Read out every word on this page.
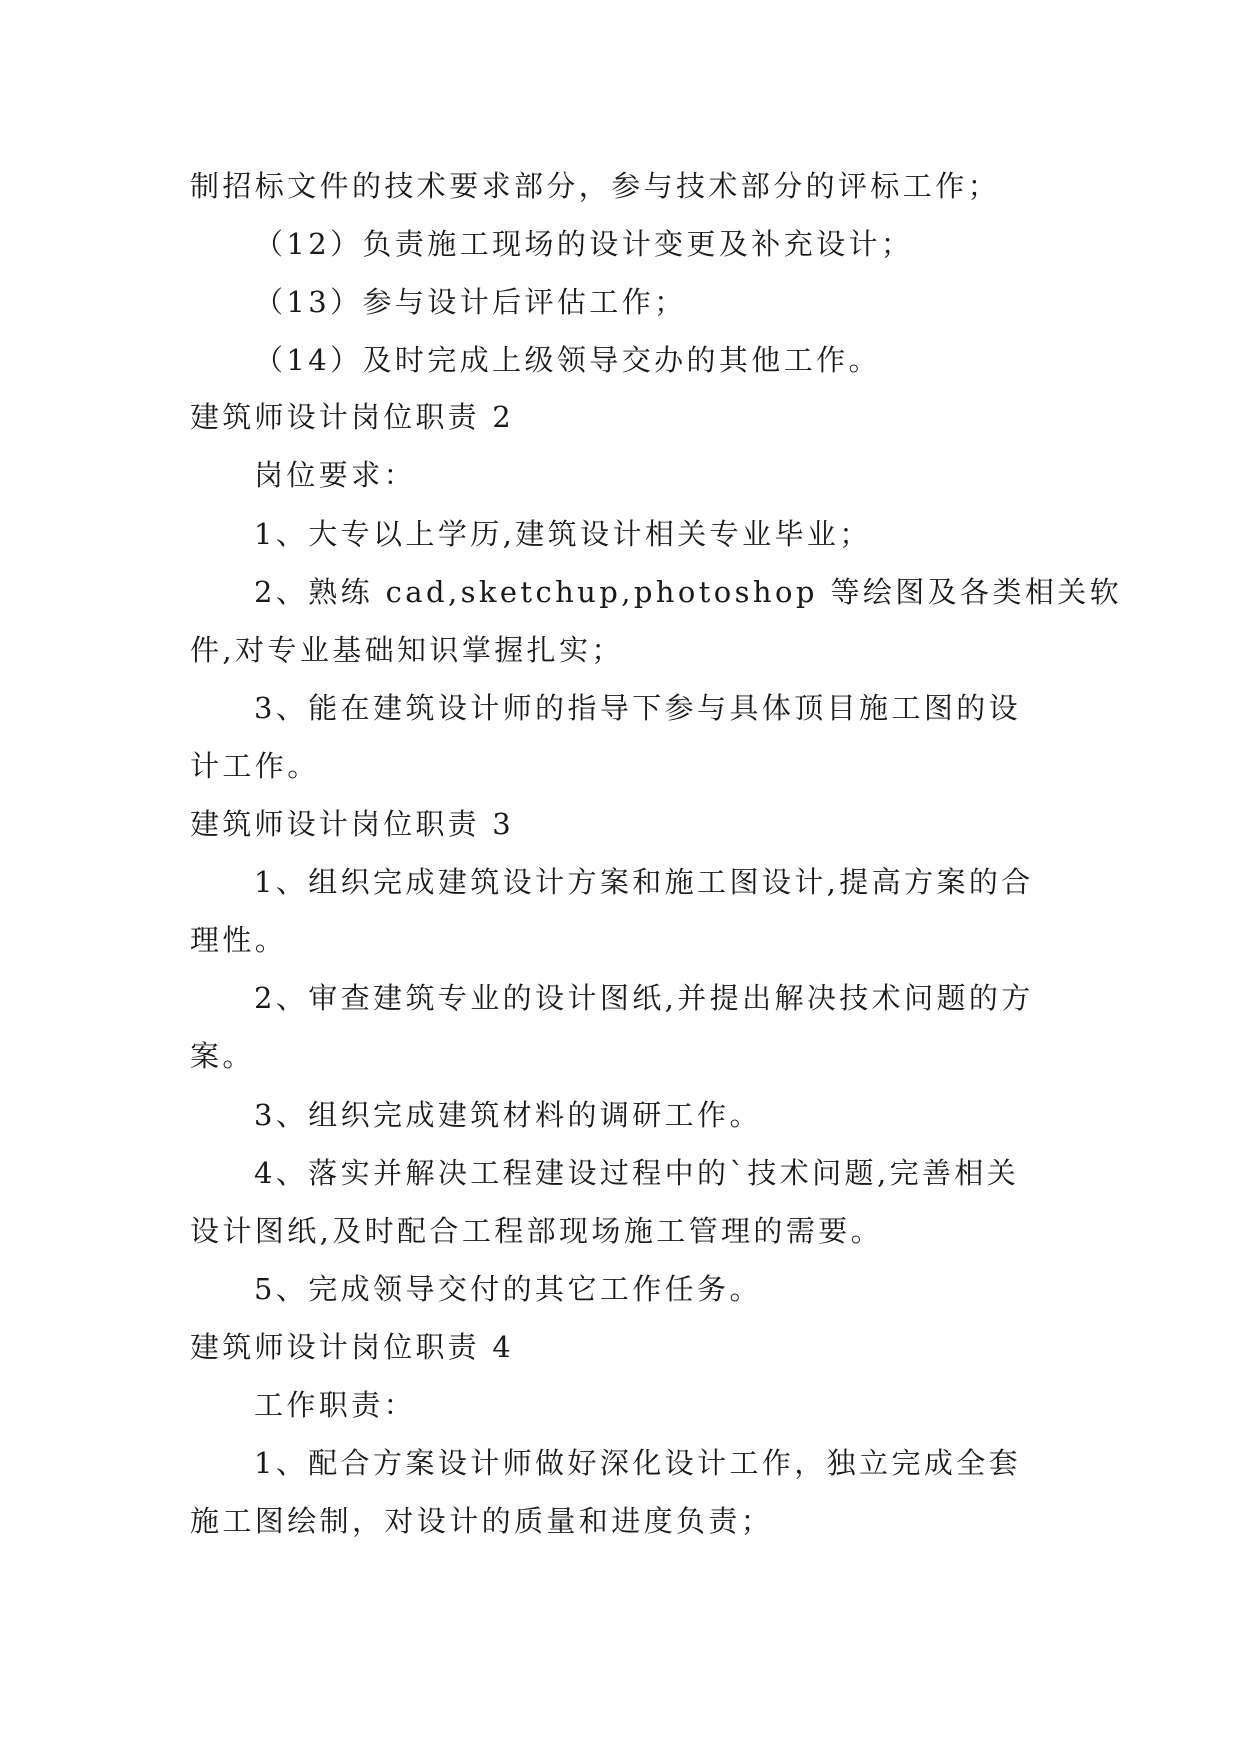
制招标文件的技术要求部分，参与技术部分的评标工作；
（12）负责施工现场的设计变更及补充设计；
（13）参与设计后评估工作；
（14）及时完成上级领导交办的其他工作。
建筑师设计岗位职责 2
岗位要求：
1、大专以上学历,建筑设计相关专业毕业；
2、熟练 cad,sketchup,photoshop 等绘图及各类相关软
件,对专业基础知识掌握扎实；
3、能在建筑设计师的指导下参与具体顶目施工图的设
计工作。
建筑师设计岗位职责 3
1、组织完成建筑设计方案和施工图设计,提高方案的合
理性。
2、审查建筑专业的设计图纸,并提出解决技术问题的方
案。
3、组织完成建筑材料的调研工作。
4、落实并解决工程建设过程中的`技术问题,完善相关
设计图纸,及时配合工程部现场施工管理的需要。
5、完成领导交付的其它工作任务。
建筑师设计岗位职责 4
工作职责：
1、配合方案设计师做好深化设计工作，独立完成全套
施工图绘制，对设计的质量和进度负责；
